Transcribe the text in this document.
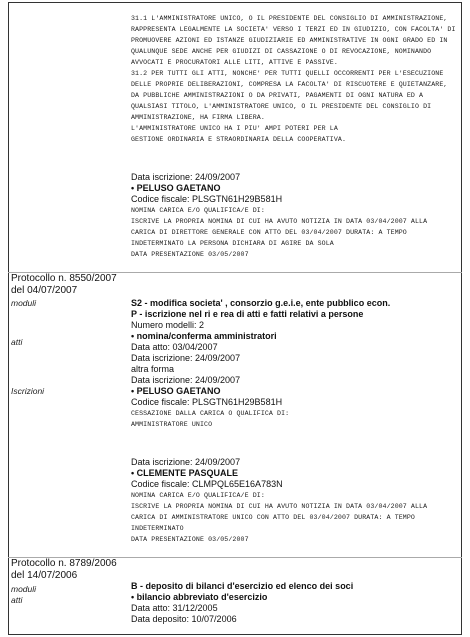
31.1 L'AMMINISTRATORE UNICO, O IL PRESIDENTE DEL CONSIGLIO DI AMMINISTRAZIONE,
RAPPRESENTA LEGALMENTE LA SOCIETA' VERSO I TERZI ED IN GIUDIZIO, CON FACOLTA' DI
PROMUOVERE AZIONI ED ISTANZE GIUDIZIARIE ED AMMINISTRATIVE IN OGNI GRADO ED IN
QUALUNQUE SEDE ANCHE PER GIUDIZI DI CASSAZIONE O DI REVOCAZIONE, NOMINANDO
AVVOCATI E PROCURATORI ALLE LITI, ATTIVE E PASSIVE.
31.2 PER TUTTI GLI ATTI, NONCHE' PER TUTTI QUELLI OCCORRENTI PER L'ESECUZIONE
DELLE PROPRIE DELIBERAZIONI, COMPRESA LA FACOLTA' DI RISCUOTERE E QUIETANZARE,
DA PUBBLICHE AMMINISTRAZIONI O DA PRIVATI, PAGAMENTI DI OGNI NATURA ED A
QUALSIASI TITOLO, L'AMMINISTRATORE UNICO, O IL PRESIDENTE DEL CONSIGLIO DI
AMMINISTRAZIONE, HA FIRMA LIBERA.
L'AMMINISTRATORE UNICO HA I PIU' AMPI POTERI PER LA
GESTIONE ORDINARIA E STRAORDINARIA DELLA COOPERATIVA.
Data iscrizione: 24/09/2007
• PELUSO GAETANO
Codice fiscale: PLSGTN61H29B581H
NOMINA CARICA E/O QUALIFICA/E DI:
ISCRIVE LA PROPRIA NOMINA DI CUI HA AVUTO NOTIZIA IN DATA 03/04/2007 ALLA
CARICA DI DIRETTORE GENERALE CON ATTO DEL 03/04/2007 DURATA: A TEMPO
INDETERMINATO LA PERSONA DICHIARA DI AGIRE DA SOLA
DATA PRESENTAZIONE 03/05/2007
Protocollo n. 8550/2007
del 04/07/2007
moduli
atti
Iscrizioni
S2 - modifica societa' , consorzio g.e.i.e, ente pubblico econ.
P - iscrizione nel ri e rea di atti e fatti relativi a persone
Numero modelli: 2
• nomina/conferma amministratori
Data atto: 03/04/2007
Data iscrizione: 24/09/2007
altra forma
Data iscrizione: 24/09/2007
• PELUSO GAETANO
Codice fiscale: PLSGTN61H29B581H
CESSAZIONE DALLA CARICA O QUALIFICA DI:
AMMINISTRATORE UNICO
Data iscrizione: 24/09/2007
• CLEMENTE PASQUALE
Codice fiscale: CLMPQL65E16A783N
NOMINA CARICA E/O QUALIFICA/E DI:
ISCRIVE LA PROPRIA NOMINA DI CUI HA AVUTO NOTIZIA IN DATA 03/04/2007 ALLA
CARICA DI AMMINISTRATORE UNICO CON ATTO DEL 03/04/2007 DURATA: A TEMPO
INDETERMINATO
DATA PRESENTAZIONE 03/05/2007
Protocollo n. 8789/2006
del 14/07/2006
moduli
atti
B - deposito di bilanci d'esercizio ed elenco dei soci
• bilancio abbreviato d'esercizio
Data atto: 31/12/2005
Data deposito: 10/07/2006
